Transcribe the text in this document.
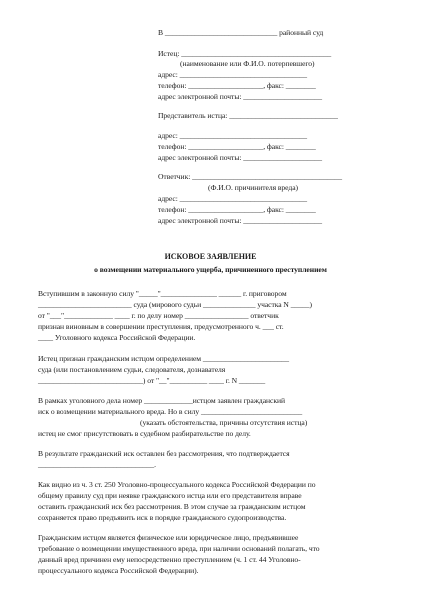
В ______________________________ районный суд
Истец: ________________________________________
(наименование или Ф.И.О. потерпевшего)
адрес: __________________________________
телефон: ____________________, факс: ________
адрес электронной почты: _____________________
Представитель истца: _____________________________
адрес: __________________________________
телефон: ____________________, факс: ________
адрес электронной почты: _____________________
Ответчик: ________________________________________
(Ф.И.О. причинителя вреда)
адрес: __________________________________
телефон: ____________________, факс: ________
адрес электронной почты: _____________________
ИСКОВОЕ ЗАЯВЛЕНИЕ
о возмещении материального ущерба, причиненного преступлением
Вступившим в законную силу "_____"_______________ ______ г. приговором
_________________________ суда (мирового судьи ______________ участка N _____)
от "___"_____________ ____ г. по делу номер _________________ ответчик
признан виновным в совершении преступления, предусмотренного ч. ___ ст.
____ Уголовного кодекса Российской Федерации.
Истец признан гражданским истцом определением _______________________
суда (или постановлением судьи, следователя, дознавателя
____________________________) от "__"__________ ____ г. N _______
В рамках уголовного дела номер _____________истцом заявлен гражданский
иск о возмещении материального вреда. Но в силу ___________________________
(указать обстоятельства, причины отсутствия истца)
истец не смог присутствовать в судебном разбирательстве по делу.
В результате гражданский иск оставлен без рассмотрения, что подтверждается
_______________________________.
Как видно из ч. 3 ст. 250 Уголовно-процессуального кодекса Российской Федерации по
общему правилу суд при неявке гражданского истца или его представителя вправе
оставить гражданский иск без рассмотрения. В этом случае за гражданским истцом
сохраняется право предъявить иск в порядке гражданского судопроизводства.
Гражданским истцом является физическое или юридическое лицо, предъявившее
требование о возмещении имущественного вреда, при наличии оснований полагать, что
данный вред причинен ему непосредственно преступлением (ч. 1 ст. 44 Уголовно-
процессуального кодекса Российской Федерации).
